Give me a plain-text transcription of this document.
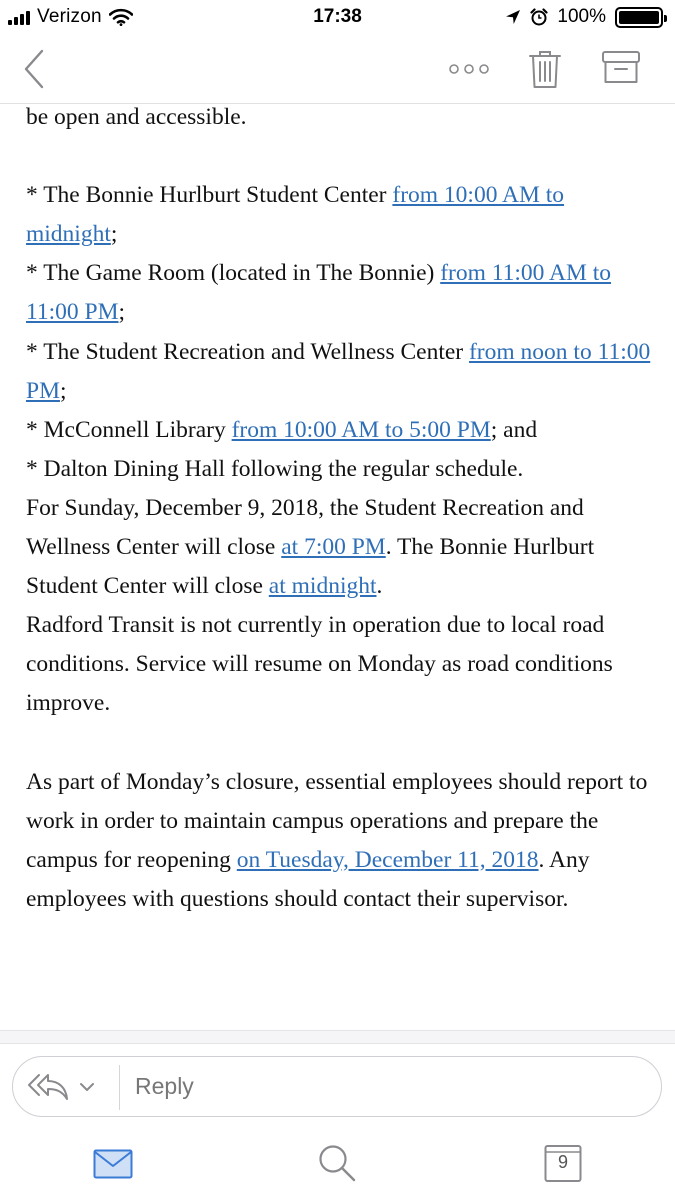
Verizon	17:38	100%

be open and accessible.

* The Bonnie Hurlburt Student Center from 10:00 AM to midnight;

* The Game Room (located in The Bonnie) from 11:00 AM to 11:00 PM;

* The Student Recreation and Wellness Center from noon to 11:00 PM;

* McConnell Library from 10:00 AM to 5:00 PM; and

* Dalton Dining Hall following the regular schedule.

For Sunday, December 9, 2018, the Student Recreation and Wellness Center will close at 7:00 PM. The Bonnie Hurlburt Student Center will close at midnight.

Radford Transit is not currently in operation due to local road conditions. Service will resume on Monday as road conditions improve.

As part of Monday’s closure, essential employees should report to work in order to maintain campus operations and prepare the campus for reopening on Tuesday, December 11, 2018. Any employees with questions should contact their supervisor.

Reply
9
